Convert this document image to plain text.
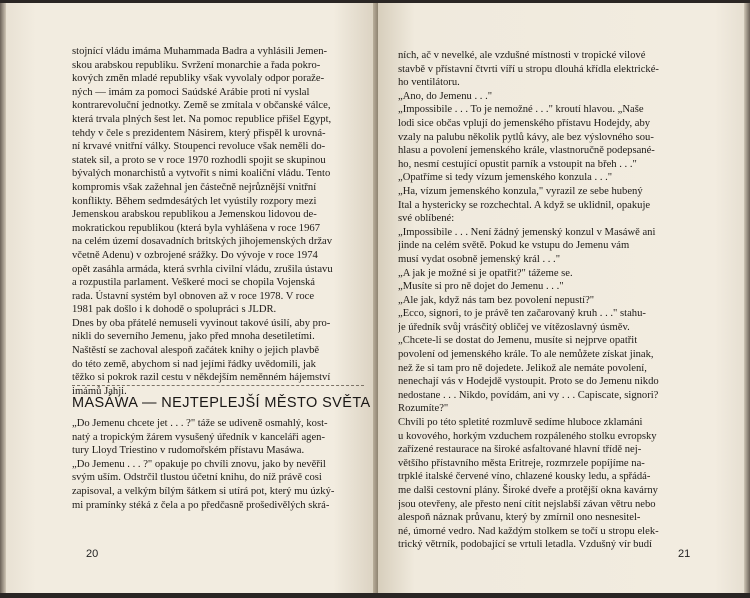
stojnící vládu imáma Muhammada Badra a vyhlásili Jemen-
skou arabskou republiku. Svržení monarchie a řada pokro-
kových změn mladé republiky však vyvolaly odpor poraže-
ných — imám za pomoci Saúdské Arábie proti ní vyslal
kontrarevoluční jednotky. Země se zmítala v občanské válce,
která trvala plných šest let. Na pomoc republice přišel Egypt,
tehdy v čele s prezidentem Násirem, který přispěl k urovná-
ní krvavé vnitřní války. Stoupenci revoluce však neměli do-
statek sil, a proto se v roce 1970 rozhodli spojit se skupinou
bývalých monarchistů a vytvořit s nimi koaliční vládu. Tento
kompromis však zažehnal jen částečně nejrůznější vnitřní
konflikty. Během sedmdesátých let vyústily rozpory mezi
Jemenskou arabskou republikou a Jemenskou lidovou de-
mokratickou republikou (která byla vyhlášena v roce 1967
na celém území dosavadních britských jihojemenských držav
včetně Adenu) v ozbrojené srážky. Do vývoje v roce 1974
opět zasáhla armáda, která svrhla civilní vládu, zrušila ústavu
a rozpustila parlament. Veškeré moci se chopila Vojenská
rada. Ústavní systém byl obnoven až v roce 1978. V roce
1981 pak došlo i k dohodě o spolupráci s JLDR.
Dnes by oba přátelé nemuseli vyvinout takové úsilí, aby pro-
nikli do severního Jemenu, jako před mnoha desetiletími.
Naštěstí se zachoval alespoň začátek knihy o jejich plavbě
do této země, abychom si nad jejími řádky uvědomili, jak
těžko si pokrok razil cestu v někdejším neměnném hájemství
imámů Jahji.
MASÁWA — NEJTEPLEJŠÍ MĚSTO SVĚTA
„Do Jemenu chcete jet . . . ?" táže se udiveně osmahlý, kost-
natý a tropickým žárem vysušený úředník v kanceláři agen-
tury Lloyd Triestino v rudomořském přístavu Masáwa.
„Do Jemenu . . . ?" opakuje po chvíli znovu, jako by nevěřil
svým uším. Odstrčil tlustou účetní knihu, do níž právě cosi
zapisoval, a velkým bílým šátkem si utírá pot, který mu úzký-
mi pramínky stéká z čela a po předčasně prošedivělých skrá-
20
ních, ač v nevelké, ale vzdušné místnosti v tropické vilové
stavbě v přístavní čtvrti víří u stropu dlouhá křídla elektrické-
ho ventilátoru.
„Ano, do Jemenu . . ."
„Impossibile . . . To je nemožné . . ." kroutí hlavou. „Naše
lodi sice občas vplují do jemenského přístavu Hodejdy, aby
vzaly na palubu několik pytlů kávy, ale bez výslovného sou-
hlasu a povolení jemenského krále, vlastnoručně podepsané-
ho, nesmí cestující opustit parník a vstoupit na břeh . . ."
„Opatříme si tedy vízum jemenského konzula . . ."
„Ha, vízum jemenského konzula," vyrazil ze sebe hubený
Ital a hystericky se rozchechtal. A když se uklidnil, opakuje
své oblíbené:
„Impossibile . . . Není žádný jemenský konzul v Masáwě ani
jinde na celém světě. Pokud ke vstupu do Jemenu vám
musí vydat osobně jemenský král . . ."
„A jak je možné si je opatřit?" tážeme se.
„Musíte si pro ně dojet do Jemenu . . ."
„Ale jak, když nás tam bez povolení nepustí?"
„Ecco, signori, to je právě ten začarovaný kruh . . ." stahu-
je úředník svůj vrásčitý obličej ve vítězoslavný úsměv.
„Chcete-li se dostat do Jemenu, musíte si nejprve opatřit
povolení od jemenského krále. To ale nemůžete získat jinak,
než že si tam pro ně dojedete. Jelikož ale nemáte povolení,
nenechají vás v Hodejdě vystoupit. Proto se do Jemenu nikdo
nedostane . . . Nikdo, povídám, ani vy . . . Capiscate, signori?
Rozumíte?"
Chvíli po této spletité rozmluvě sedíme hluboce zklamáni
u kovového, horkým vzduchem rozpáleného stolku evropsky
zařízené restaurace na široké asfaltované hlavní třídě nej-
většího přístavního města Eritreje, rozmrzele popíjíme na-
trpklé italské červené víno, chlazené kousky ledu, a spřádá-
me dalši cestovní plány. Široké dveře a protější okna kavárny
jsou otevřeny, ale přesto není cítit nejslabší závan větru nebo
alespoň náznak průvanu, který by zmírnil ono nesnesitel-
né, úmorné vedro. Nad každým stolkem se točí u stropu elek-
trický větrník, podobající se vrtuli letadla. Vzdušný vír budí
21
